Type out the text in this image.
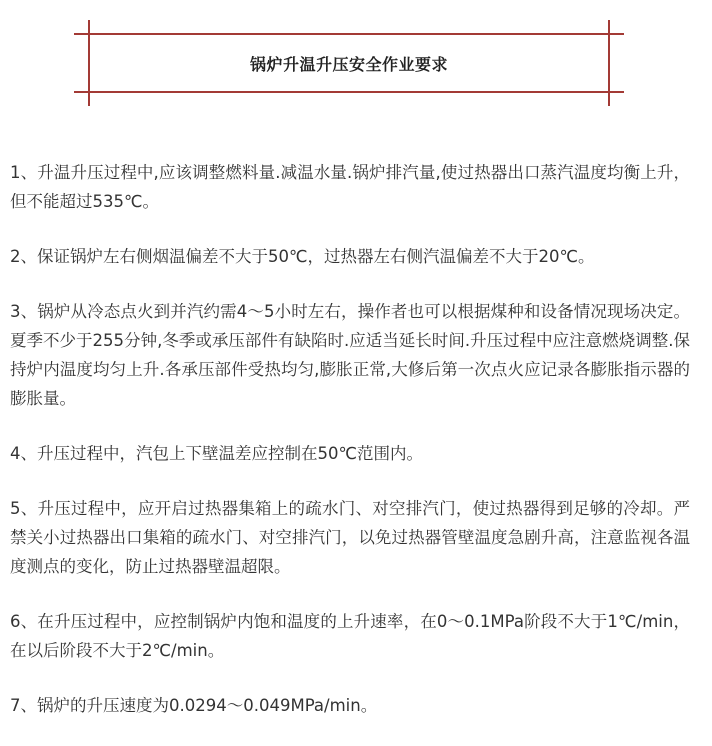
锅炉升温升压安全作业要求

1、升温升压过程中,应该调整燃料量.减温水量.锅炉排汽量,使过热器出口蒸汽温度均衡上升，但不能超过535℃。

2、保证锅炉左右侧烟温偏差不大于50℃，过热器左右侧汽温偏差不大于20℃。

3、锅炉从冷态点火到并汽约需4～5小时左右，操作者也可以根据煤种和设备情况现场决定。夏季不少于255分钟,冬季或承压部件有缺陷时.应适当延长时间.升压过程中应注意燃烧调整.保持炉内温度均匀上升.各承压部件受热均匀,膨胀正常,大修后第一次点火应记录各膨胀指示器的膨胀量。

4、升压过程中，汽包上下壁温差应控制在50℃范围内。

5、升压过程中，应开启过热器集箱上的疏水门、对空排汽门，使过热器得到足够的冷却。严禁关小过热器出口集箱的疏水门、对空排汽门，以免过热器管壁温度急剧升高，注意监视各温度测点的变化，防止过热器壁温超限。

6、在升压过程中，应控制锅炉内饱和温度的上升速率，在0～0.1MPa阶段不大于1℃/min，在以后阶段不大于2℃/min。

7、锅炉的升压速度为0.0294～0.049MPa/min。
